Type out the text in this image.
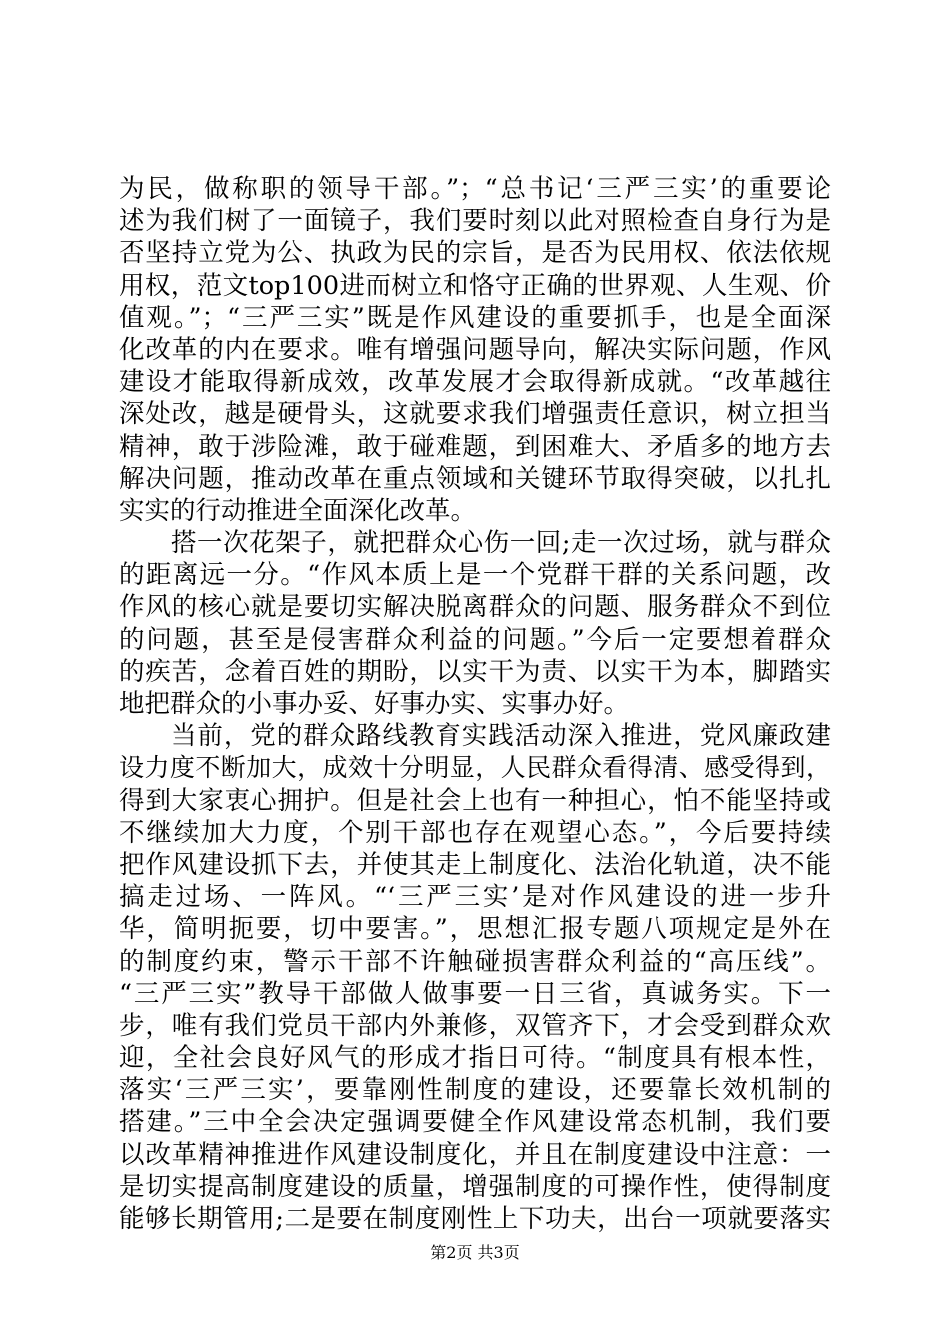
为民，做称职的领导干部。”；“总书记‘三严三实’的重要论
述为我们树了一面镜子，我们要时刻以此对照检查自身行为是
否坚持立党为公、执政为民的宗旨，是否为民用权、依法依规
用权，范文top100进而树立和恪守正确的世界观、人生观、价
值观。”；“三严三实”既是作风建设的重要抓手，也是全面深
化改革的内在要求。唯有增强问题导向，解决实际问题，作风
建设才能取得新成效，改革发展才会取得新成就。“改革越往
深处改，越是硬骨头，这就要求我们增强责任意识，树立担当
精神，敢于涉险滩，敢于碰难题，到困难大、矛盾多的地方去
解决问题，推动改革在重点领域和关键环节取得突破，以扎扎
实实的行动推进全面深化改革。
搭一次花架子，就把群众心伤一回;走一次过场，就与群众
的距离远一分。“作风本质上是一个党群干群的关系问题，改
作风的核心就是要切实解决脱离群众的问题、服务群众不到位
的问题，甚至是侵害群众利益的问题。”今后一定要想着群众
的疾苦，念着百姓的期盼，以实干为责、以实干为本，脚踏实
地把群众的小事办妥、好事办实、实事办好。
当前，党的群众路线教育实践活动深入推进，党风廉政建
设力度不断加大，成效十分明显，人民群众看得清、感受得到，
得到大家衷心拥护。但是社会上也有一种担心，怕不能坚持或
不继续加大力度，个别干部也存在观望心态。”，今后要持续
把作风建设抓下去，并使其走上制度化、法治化轨道，决不能
搞走过场、一阵风。“‘三严三实’是对作风建设的进一步升
华，简明扼要，切中要害。”，思想汇报专题八项规定是外在
的制度约束，警示干部不许触碰损害群众利益的“高压线”。
“三严三实”教导干部做人做事要一日三省，真诚务实。下一
步，唯有我们党员干部内外兼修，双管齐下，才会受到群众欢
迎，全社会良好风气的形成才指日可待。“制度具有根本性，
落实‘三严三实’，要靠刚性制度的建设，还要靠长效机制的
搭建。”三中全会决定强调要健全作风建设常态机制，我们要
以改革精神推进作风建设制度化，并且在制度建设中注意：一
是切实提高制度建设的质量，增强制度的可操作性，使得制度
能够长期管用;二是要在制度刚性上下功夫，出台一项就要落实
第2页 共3页
